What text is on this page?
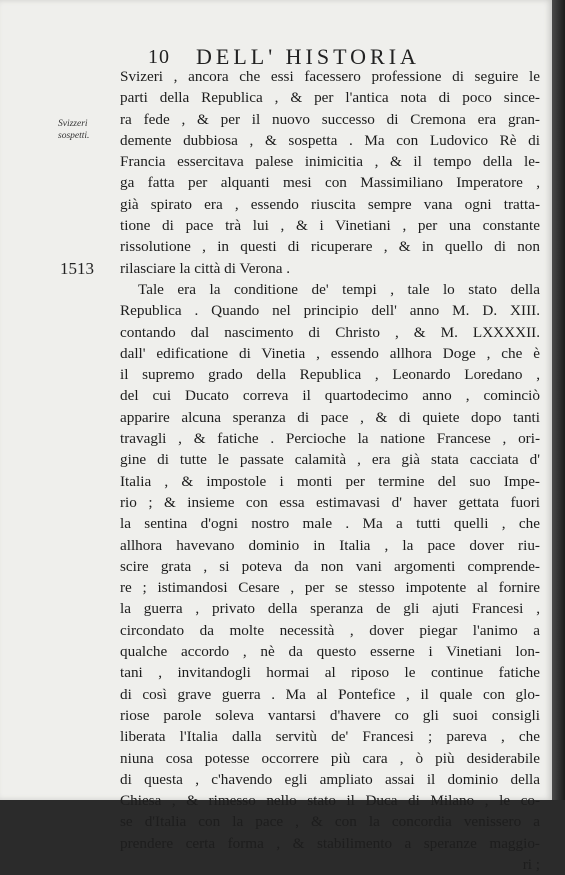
10 DELL' HISTORIA
Svizzeri
sospetti.
1513
Svizeri , ancora che essi facessero professione di seguire le
parti della Republica , & per l'antica nota di poco since-
ra fede , & per il nuovo successo di Cremona era gran-
demente dubbiosa , & sospetta . Ma con Ludovico Rè di
Francia essercitava palese inimicitia , & il tempo della le-
ga fatta per alquanti mesi con Massimiliano Imperatore ,
già spirato era , essendo riuscita sempre vana ogni tratta-
tione di pace trà lui , & i Vinetiani , per una constante
rissolutione , in questi di ricuperare , & in quello di non
rilasciare la città di Verona .
Tale era la conditione de' tempi , tale lo stato della
Republica . Quando nel principio dell' anno M. D. XIII.
contando dal nascimento di Christo , & M. LXXXXII.
dall' edificatione di Vinetia , essendo allhora Doge , che è
il supremo grado della Republica , Leonardo Loredano ,
del cui Ducato correva il quartodecimo anno , cominciò
apparire alcuna speranza di pace , & di quiete dopo tanti
travagli , & fatiche . Percioche la natione Francese , ori-
gine di tutte le passate calamità , era già stata cacciata d'
Italia , & impostole i monti per termine del suo Impe-
rio ; & insieme con essa estimavasi d' haver gettata fuori
la sentina d'ogni nostro male . Ma a tutti quelli , che
allhora havevano dominio in Italia , la pace dover riu-
scire grata , si poteva da non vani argomenti comprende-
re ; istimandosi Cesare , per se stesso impotente al fornire
la guerra , privato della speranza de gli ajuti Francesi ,
circondato da molte necessità , dover piegar l'animo a
qualche accordo , nè da questo esserne i Vinetiani lon-
tani , invitandogli hormai al riposo le continue fatiche
di così grave guerra . Ma al Pontefice , il quale con glo-
riose parole soleva vantarsi d'havere co gli suoi consigli
liberata l'Italia dalla servitù de' Francesi ; pareva , che
niuna cosa potesse occorrere più cara , ò più desiderabile
di questa , c'havendo egli ampliato assai il dominio della
Chiesa , & rimesso nello stato il Duca di Milano , le co-
se d'Italia con la pace , & con la concordia venissero a
prendere certa forma , & stabilimento a speranze maggio-
ri ;
